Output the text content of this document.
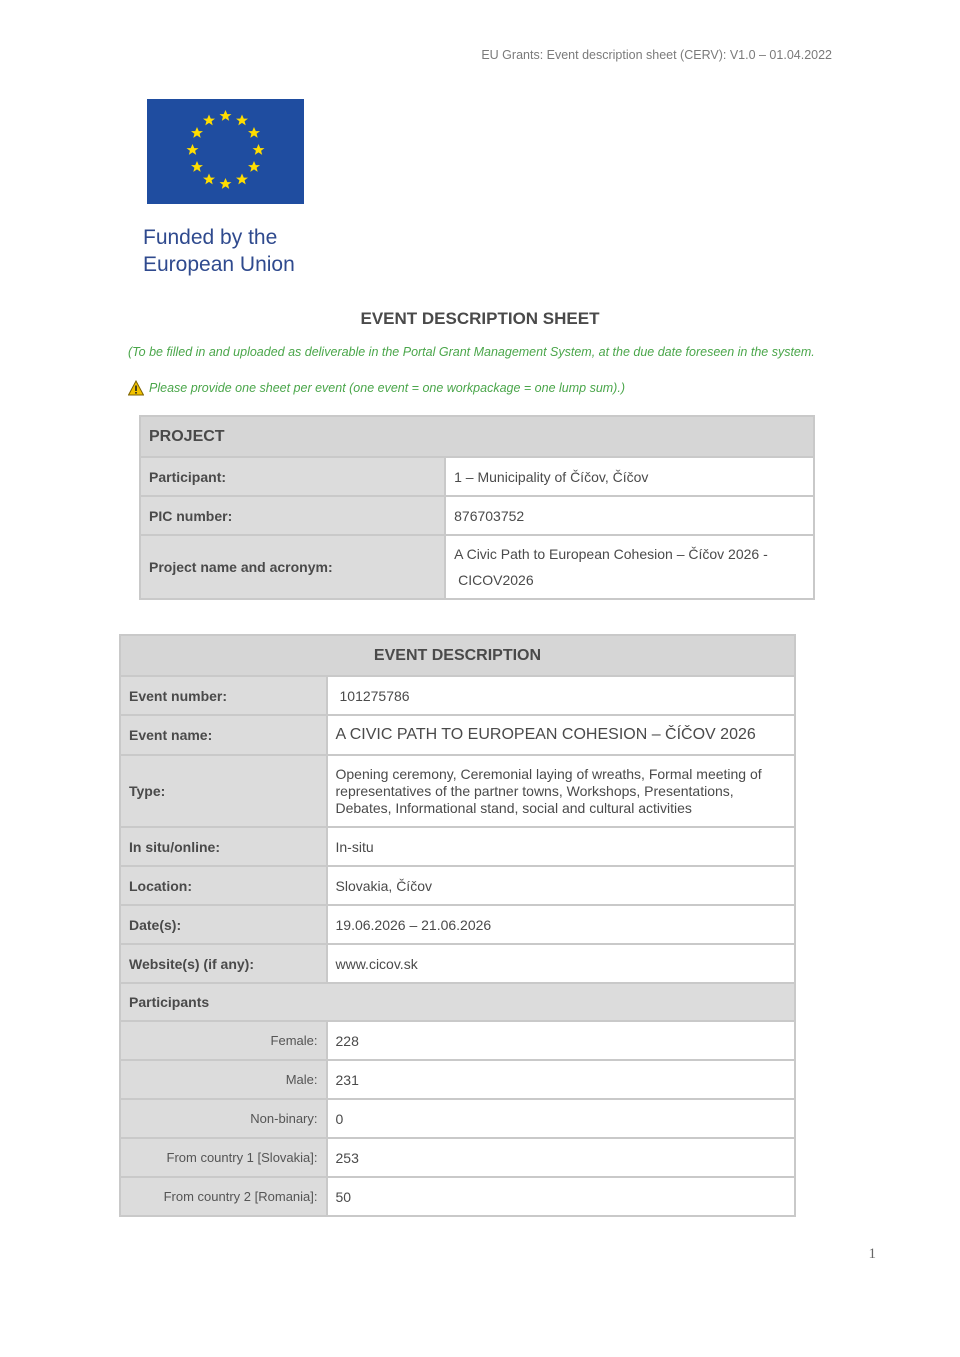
EU Grants: Event description sheet (CERV): V1.0 – 01.04.2022
Funded by the
European Union
EVENT DESCRIPTION SHEET
(To be filled in and uploaded as deliverable in the Portal Grant Management System, at the due date foreseen in the system.
Please provide one sheet per event (one event = one workpackage = one lump sum).)
PROJECT	
Participant:	1 – Municipality of Číčov, Číčov
PIC number:	876703752
Project name and acronym:	A Civic Path to European Cohesion – Číčov 2026 -
CICOV2026
EVENT DESCRIPTION	
Event number:	101275786
Event name:	A CIVIC PATH TO EUROPEAN COHESION – ČÍČOV 2026
Type:	Opening ceremony, Ceremonial laying of wreaths, Formal meeting of representatives of the partner towns, Workshops, Presentations, Debates, Informational stand, social and cultural activities
In situ/online:	In-situ
Location:	Slovakia, Číčov
Date(s):	19.06.2026 – 21.06.2026
Website(s) (if any):	www.cicov.sk
Participants	
Female:	228
Male:	231
Non-binary:	0
From country 1 [Slovakia]:	253
From country 2 [Romania]:	50
1
